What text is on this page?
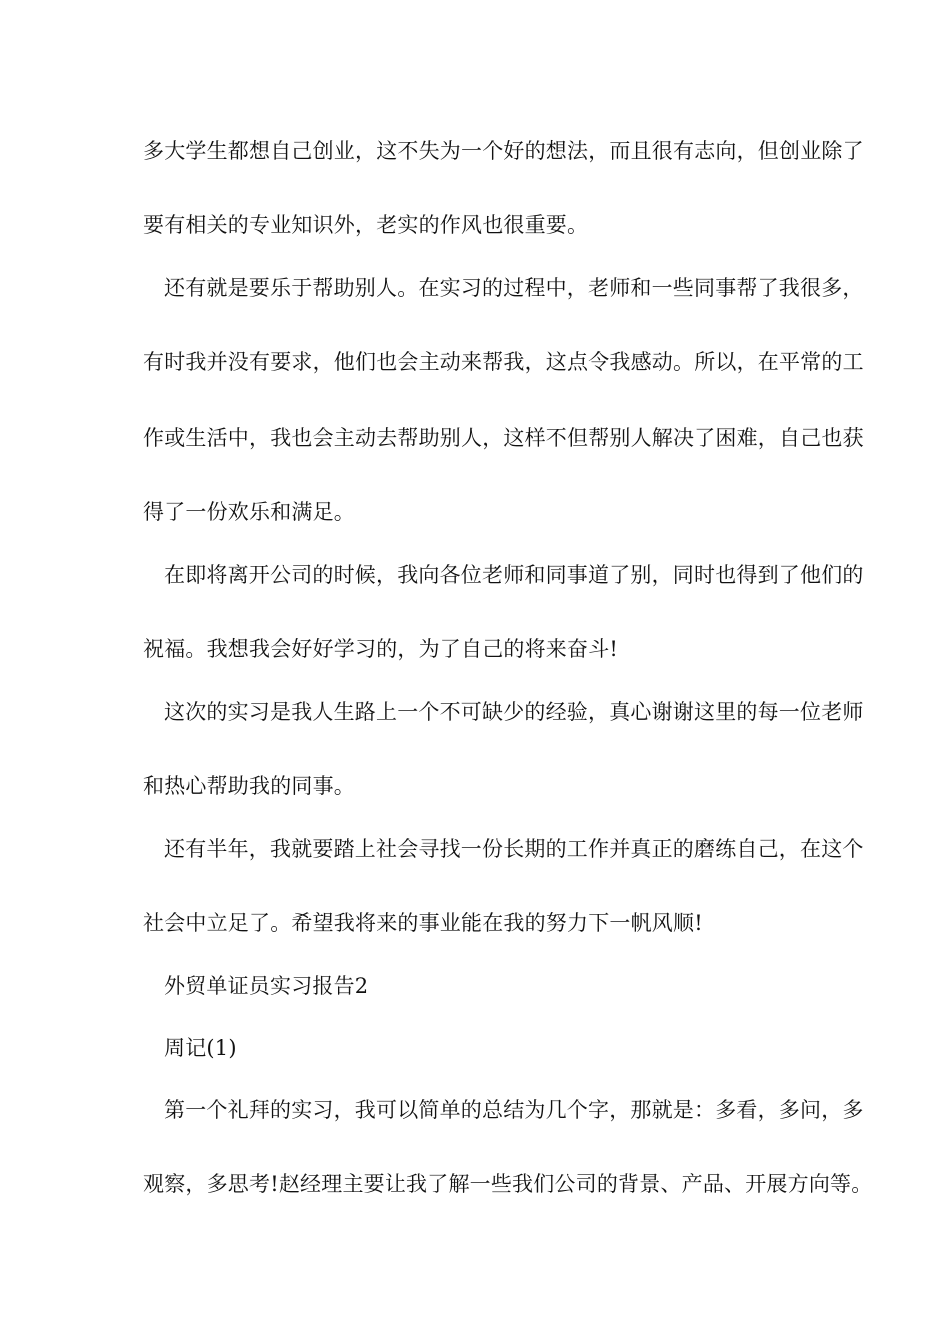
多大学生都想自己创业，这不失为一个好的想法，而且很有志向，但创业除了
要有相关的专业知识外，老实的作风也很重要。
还有就是要乐于帮助别人。在实习的过程中，老师和一些同事帮了我很多，
有时我并没有要求，他们也会主动来帮我，这点令我感动。所以，在平常的工
作或生活中，我也会主动去帮助别人，这样不但帮别人解决了困难，自己也获
得了一份欢乐和满足。
在即将离开公司的时候，我向各位老师和同事道了别，同时也得到了他们的
祝福。我想我会好好学习的，为了自己的将来奋斗!
这次的实习是我人生路上一个不可缺少的经验，真心谢谢这里的每一位老师
和热心帮助我的同事。
还有半年，我就要踏上社会寻找一份长期的工作并真正的磨练自己，在这个
社会中立足了。希望我将来的事业能在我的努力下一帆风顺!
外贸单证员实习报告2
周记(1)
第一个礼拜的实习，我可以简单的总结为几个字，那就是：多看，多问，多
观察，多思考!赵经理主要让我了解一些我们公司的背景、产品、开展方向等。
